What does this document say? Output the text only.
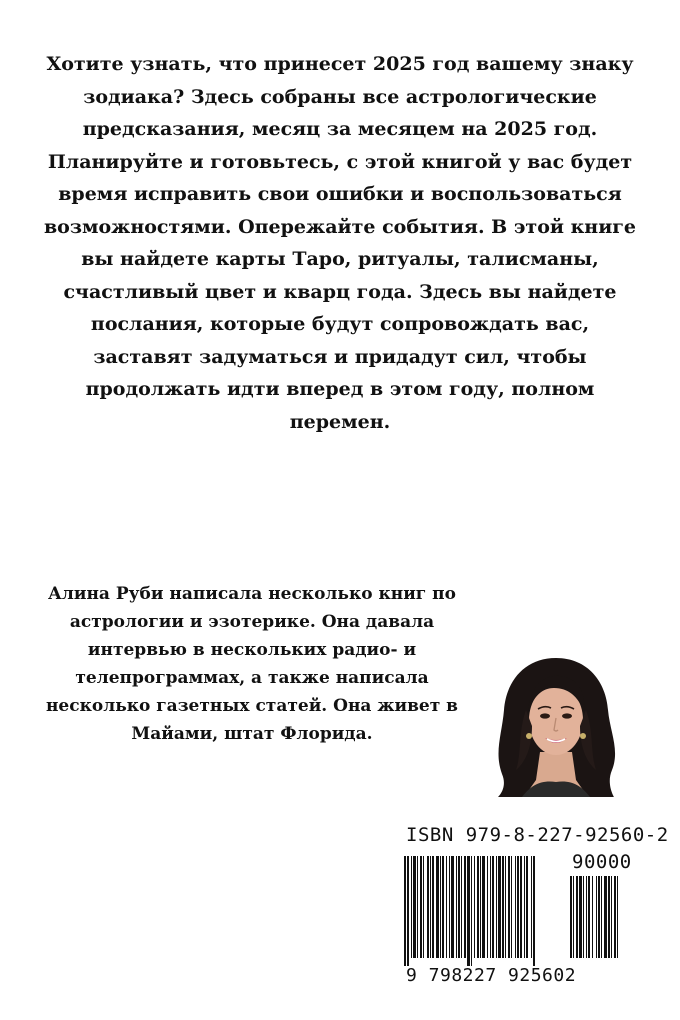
Хотите узнать, что принесет 2025 год вашему знаку зодиака? Здесь собраны все астрологические предсказания, месяц за месяцем на 2025 год. Планируйте и готовьтесь, с этой книгой у вас будет время исправить свои ошибки и воспользоваться возможностями. Опережайте события. В этой книге вы найдете карты Таро, ритуалы, талисманы, счастливый цвет и кварц года. Здесь вы найдете послания, которые будут сопровождать вас, заставят задуматься и придадут сил, чтобы продолжать идти вперед в этом году, полном перемен.

Алина Руби написала несколько книг по астрологии и эзотерике. Она давала интервью в нескольких радио- и телепрограммах, а также написала несколько газетных статей. Она живет в Майами, штат Флорида.

ISBN 979-8-227-92560-2
90000
9 798227 925602
